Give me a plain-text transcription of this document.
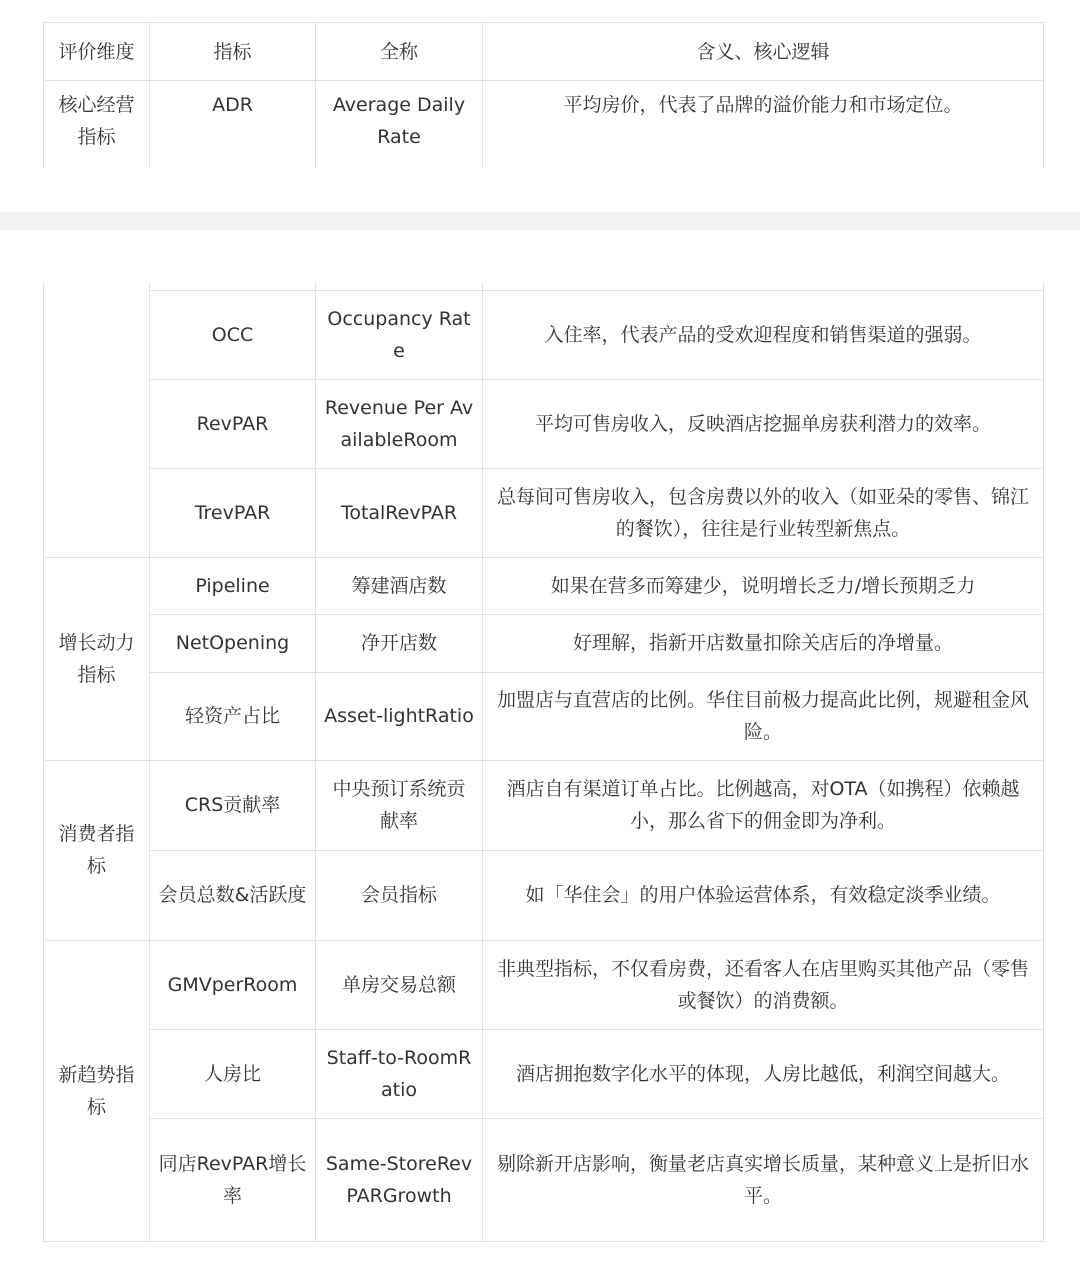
评价维度	指标	全称	含义、核心逻辑
核心经营指标	ADR	Average Daily Rate	平均房价，代表了品牌的溢价能力和市场定位。

	OCC	Occupancy Rate	入住率，代表产品的受欢迎程度和销售渠道的强弱。
	RevPAR	Revenue Per AvailableRoom	平均可售房收入，反映酒店挖掘单房获利潜力的效率。
	TrevPAR	TotalRevPAR	总每间可售房收入，包含房费以外的收入（如亚朵的零售、锦江的餐饮），往往是行业转型新焦点。
增长动力指标	Pipeline	筹建酒店数	如果在营多而筹建少，说明增长乏力/增长预期乏力
	NetOpening	净开店数	好理解，指新开店数量扣除关店后的净增量。
	轻资产占比	Asset-lightRatio	加盟店与直营店的比例。华住目前极力提高此比例，规避租金风险。
消费者指标	CRS贡献率	中央预订系统贡献率	酒店自有渠道订单占比。比例越高，对OTA（如携程）依赖越小，那么省下的佣金即为净利。
	会员总数&活跃度	会员指标	如「华住会」的用户体验运营体系，有效稳定淡季业绩。
新趋势指标	GMVperRoom	单房交易总额	非典型指标，不仅看房费，还看客人在店里购买其他产品（零售或餐饮）的消费额。
	人房比	Staff-to-RoomRatio	酒店拥抱数字化水平的体现，人房比越低，利润空间越大。
	同店RevPAR增长率	Same-StoreRevPARGrowth	剔除新开店影响，衡量老店真实增长质量，某种意义上是折旧水平。
